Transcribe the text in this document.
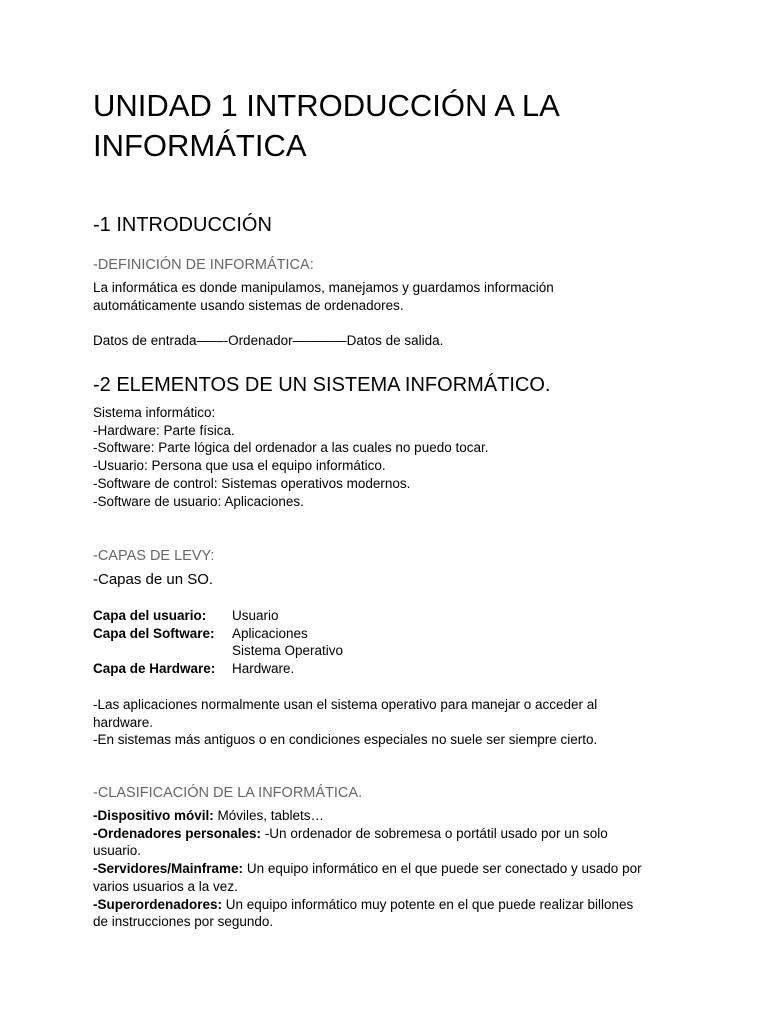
UNIDAD 1 INTRODUCCIÓN A LA INFORMÁTICA
-1 INTRODUCCIÓN
-DEFINICIÓN DE INFORMÁTICA:
La informática es donde manipulamos, manejamos y guardamos información
automáticamente usando sistemas de ordenadores.
Datos de entrada——-Ordenador————Datos de salida.
-2 ELEMENTOS DE UN SISTEMA INFORMÁTICO.
Sistema informático:
-Hardware: Parte física.
-Software: Parte lógica del ordenador a las cuales no puedo tocar.
-Usuario: Persona que usa el equipo informático.
-Software de control: Sistemas operativos modernos.
-Software de usuario: Aplicaciones.
-CAPAS DE LEVY:
-Capas de un SO.
Capa del usuario:	Usuario
Capa del Software:	Aplicaciones
Sistema Operativo
Capa de Hardware:	Hardware.
-Las aplicaciones normalmente usan el sistema operativo para manejar o acceder al
hardware.
-En sistemas más antiguos o en condiciones especiales no suele ser siempre cierto.
-CLASIFICACIÓN DE LA INFORMÁTICA.
-Dispositivo móvil: Móviles, tablets…
-Ordenadores personales: -Un ordenador de sobremesa o portátil usado por un solo
usuario.
-Servidores/Mainframe: Un equipo informático en el que puede ser conectado y usado por
varios usuarios a la vez.
-Superordenadores: Un equipo informático muy potente en el que puede realizar billones
de instrucciones por segundo.
